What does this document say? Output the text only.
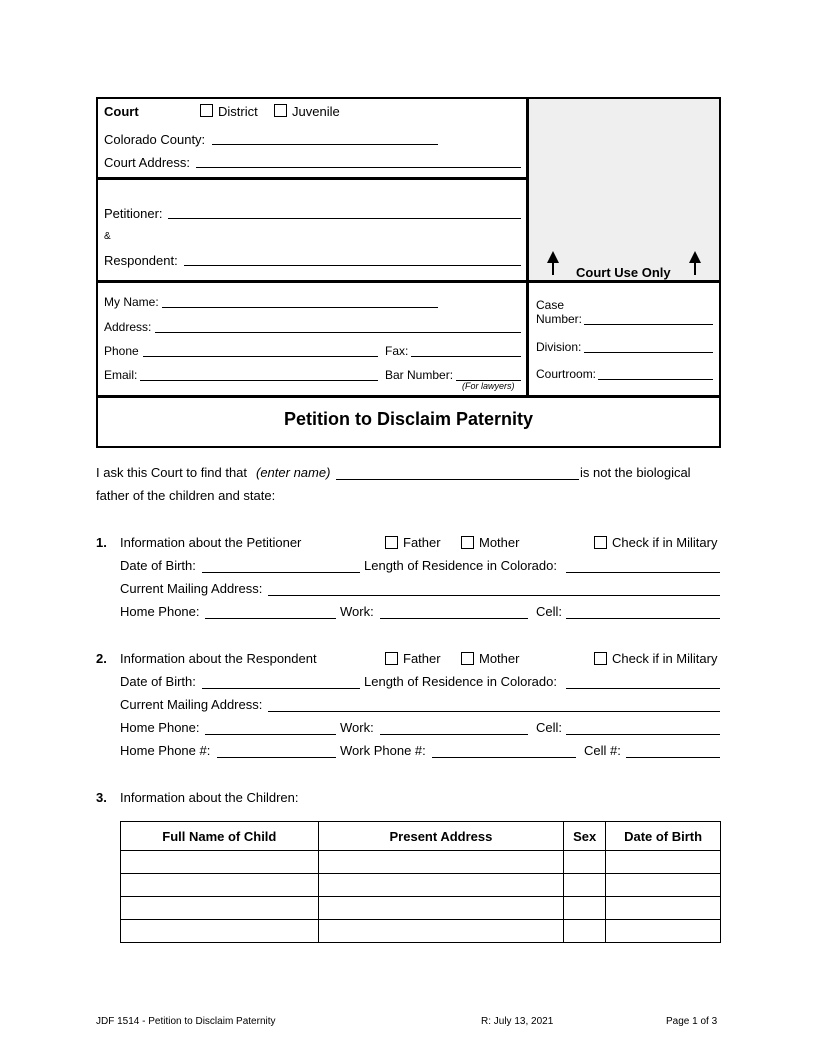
Court	District	Juvenile
Colorado County:
Court Address:
Petitioner:
&
Respondent:
Court Use Only
My Name:
Address:
Phone	Fax:
Email:	Bar Number:
(For lawyers)
Case
Number:
Division:
Courtroom:
Petition to Disclaim Paternity
I ask this Court to find that (enter name)	is not the biological
father of the children and state:
1. Information about the Petitioner	Father	Mother	Check if in Military
Date of Birth:	Length of Residence in Colorado:
Current Mailing Address:
Home Phone:	Work:	Cell:
2. Information about the Respondent	Father	Mother	Check if in Military
Date of Birth:	Length of Residence in Colorado:
Current Mailing Address:
Home Phone:	Work:	Cell:
Home Phone #:	Work Phone #:	Cell #:
3. Information about the Children:
Full Name of Child	Present Address	Sex	Date of Birth

JDF 1514 - Petition to Disclaim Paternity	R: July 13, 2021	Page 1 of 3
